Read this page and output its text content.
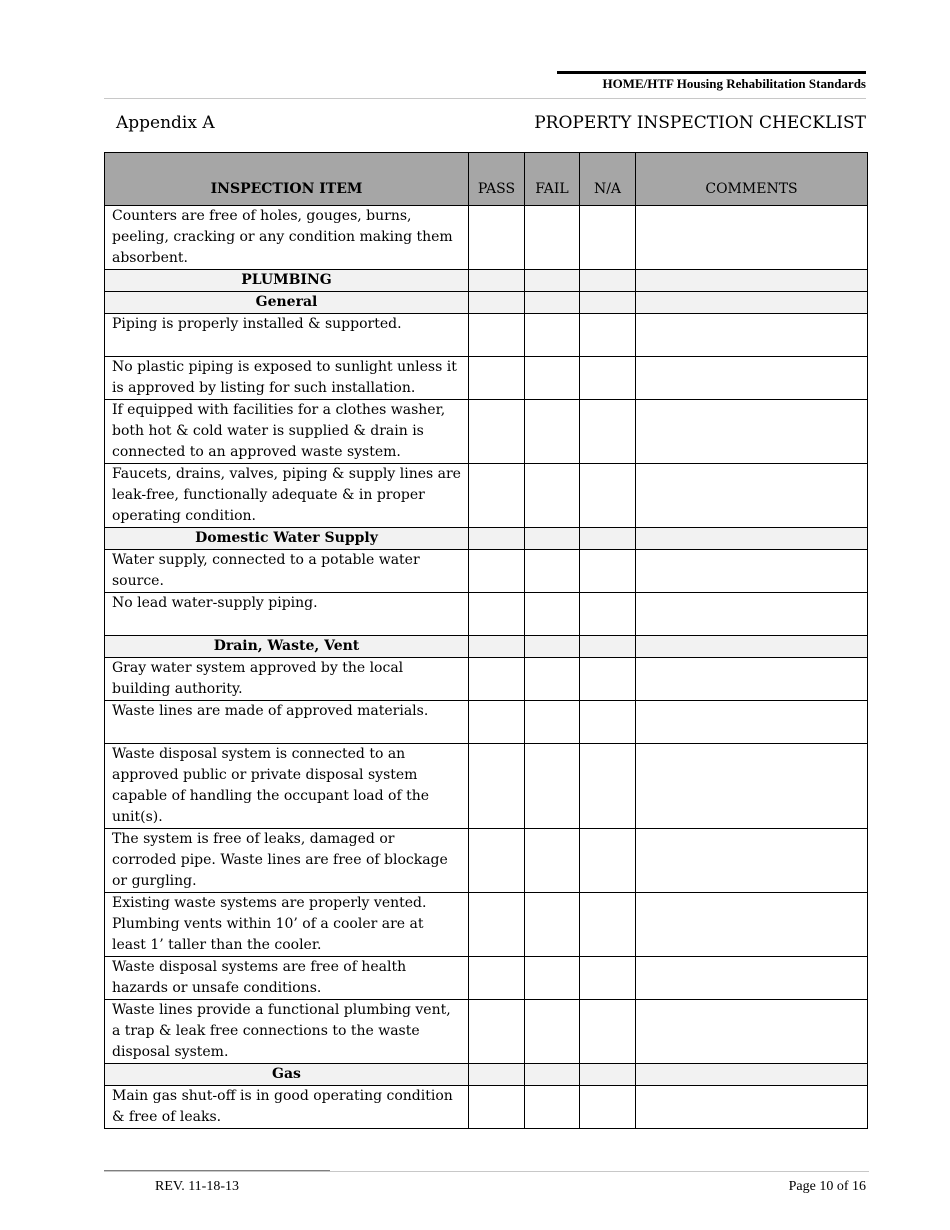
HOME/HTF Housing Rehabilitation Standards
Appendix A	PROPERTY INSPECTION CHECKLIST
INSPECTION ITEM	PASS	FAIL	N/A	COMMENTS
Counters are free of holes, gouges, burns, peeling, cracking or any condition making them absorbent.				
PLUMBING				
General				
Piping is properly installed & supported.				
No plastic piping is exposed to sunlight unless it is approved by listing for such installation.				
If equipped with facilities for a clothes washer, both hot & cold water is supplied & drain is connected to an approved waste system.				
Faucets, drains, valves, piping & supply lines are leak-free, functionally adequate & in proper operating condition.				
Domestic Water Supply				
Water supply, connected to a potable water source.				
No lead water-supply piping.				
Drain, Waste, Vent				
Gray water system approved by the local building authority.				
Waste lines are made of approved materials.				
Waste disposal system is connected to an approved public or private disposal system capable of handling the occupant load of the unit(s).				
The system is free of leaks, damaged or corroded pipe. Waste lines are free of blockage or gurgling.				
Existing waste systems are properly vented. Plumbing vents within 10’ of a cooler are at least 1’ taller than the cooler.				
Waste disposal systems are free of health hazards or unsafe conditions.				
Waste lines provide a functional plumbing vent, a trap & leak free connections to the waste disposal system.				
Gas				
Main gas shut-off is in good operating condition & free of leaks.				
REV. 11-18-13	Page 10 of 16
